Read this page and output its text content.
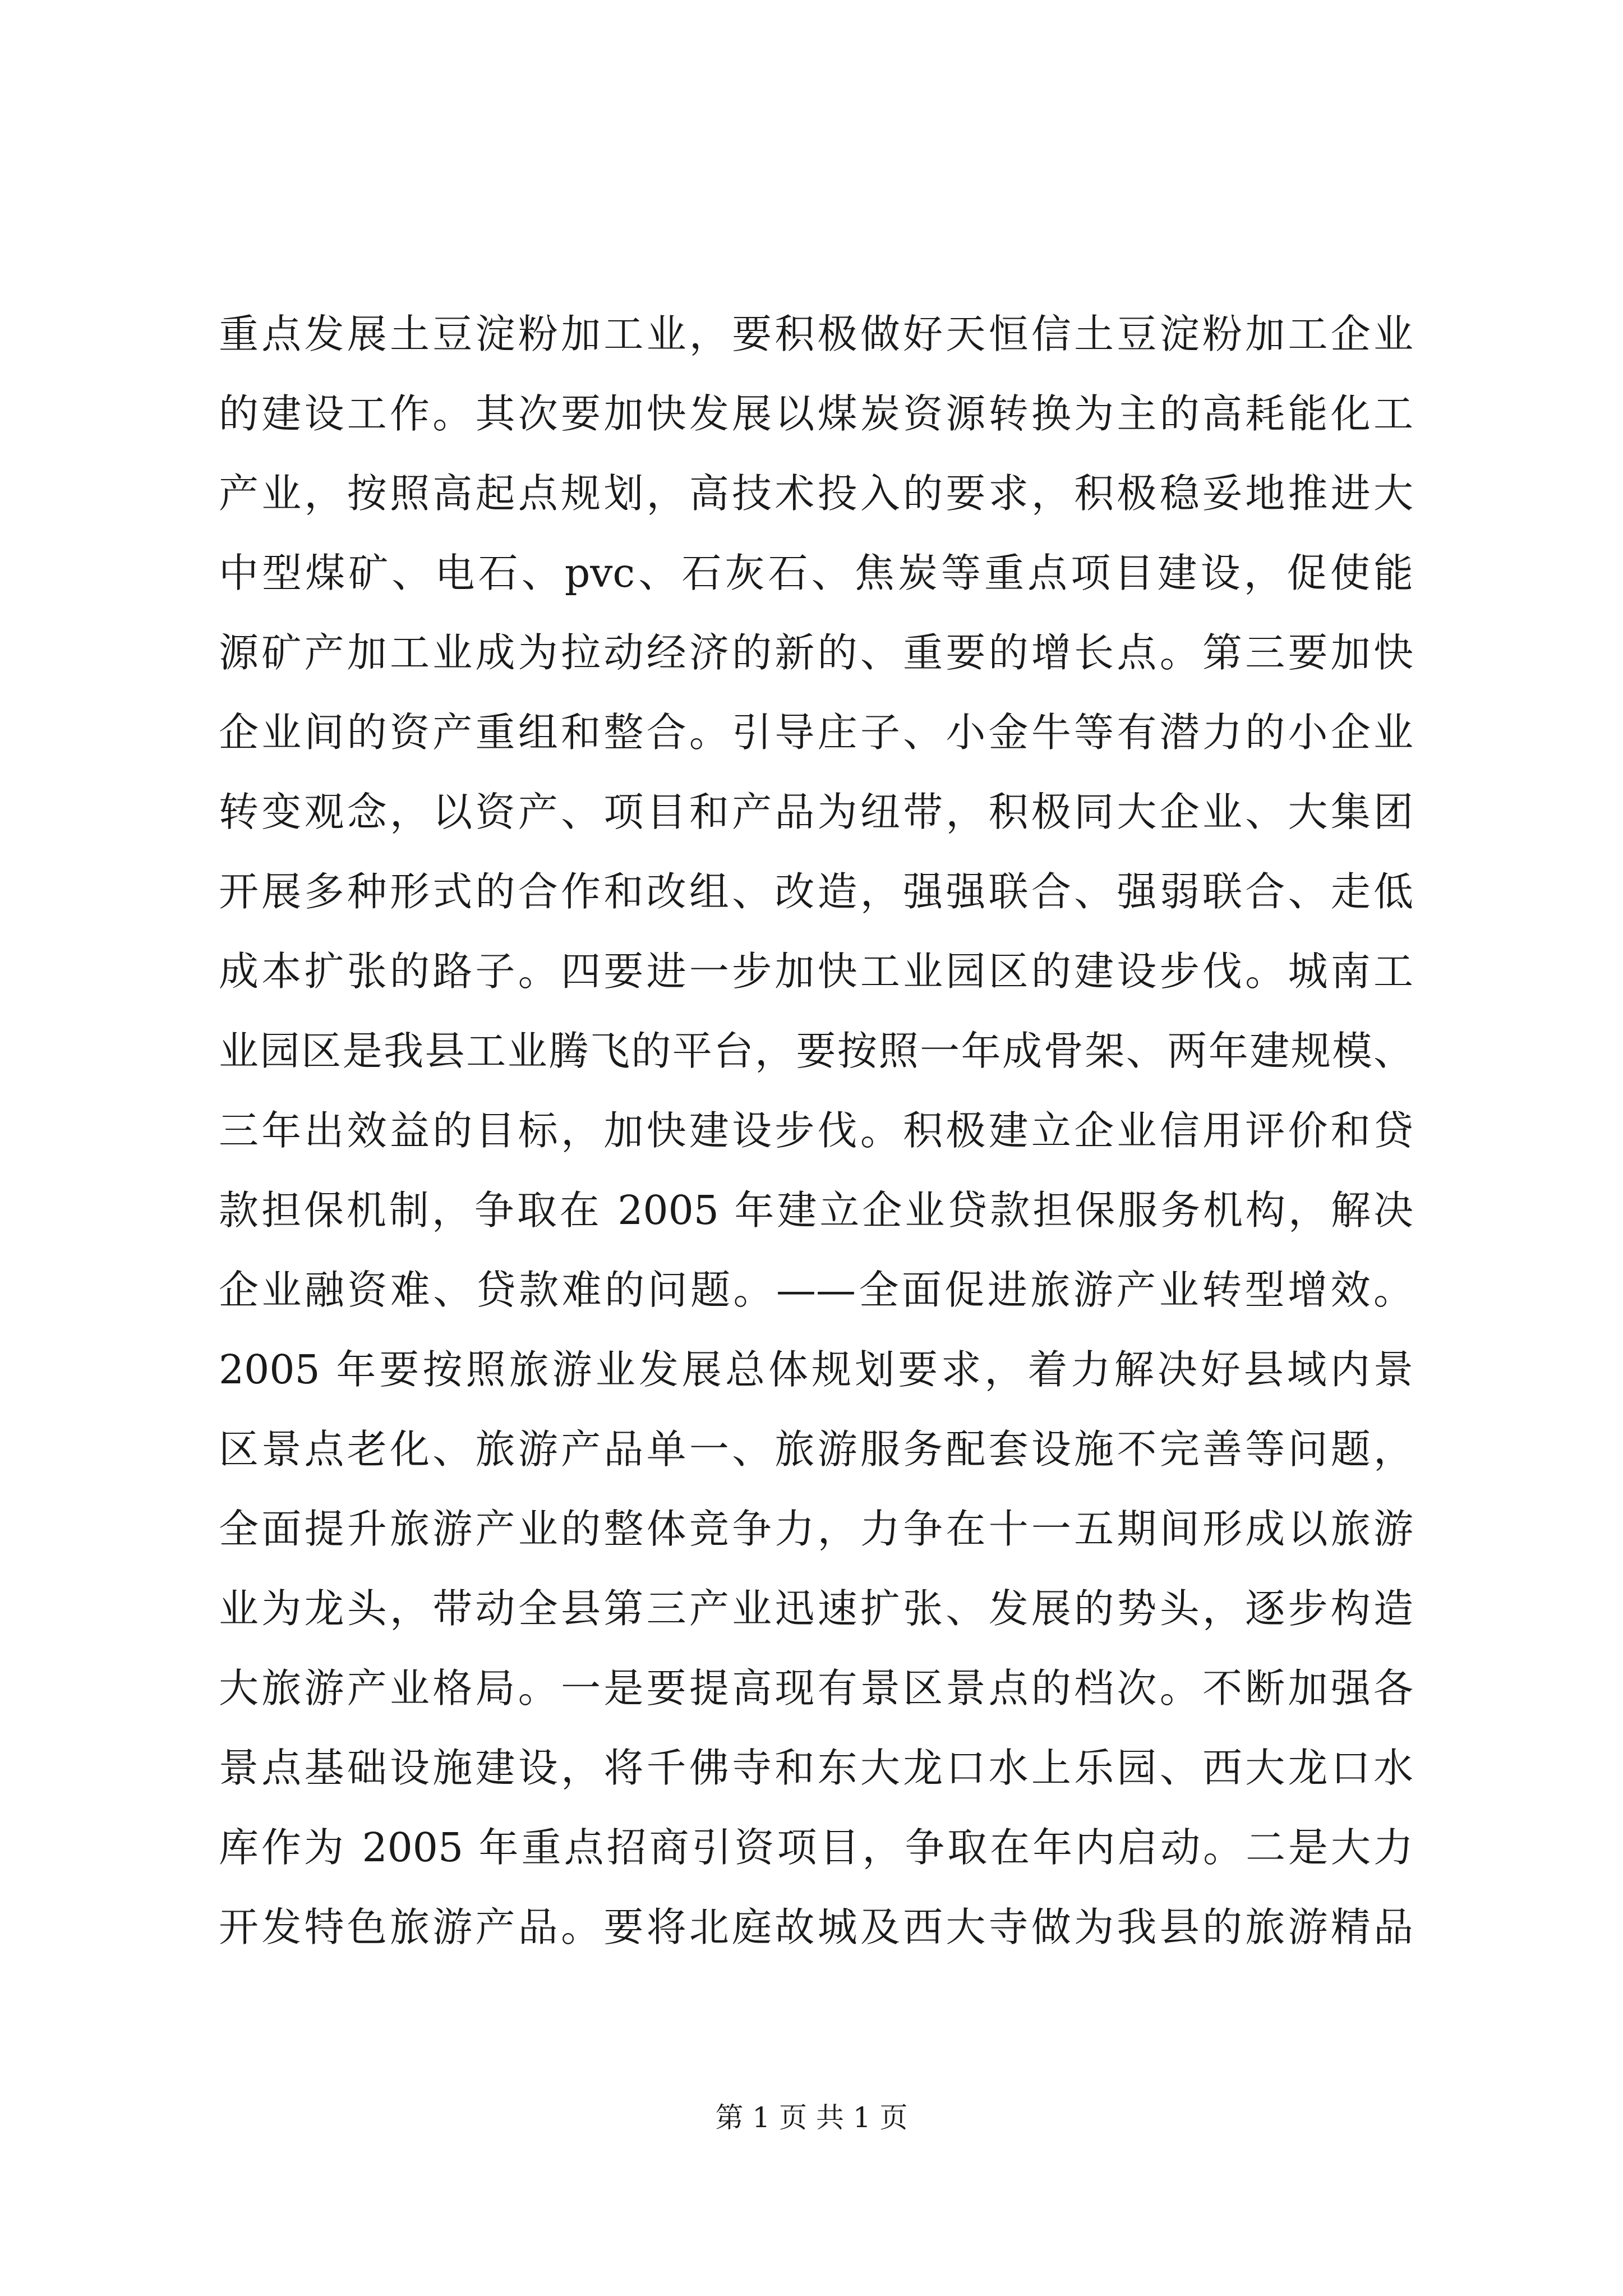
重点发展土豆淀粉加工业，要积极做好天恒信土豆淀粉加工企业
的建设工作。其次要加快发展以煤炭资源转换为主的高耗能化工
产业，按照高起点规划，高技术投入的要求，积极稳妥地推进大
中型煤矿、电石、pvc、石灰石、焦炭等重点项目建设，促使能
源矿产加工业成为拉动经济的新的、重要的增长点。第三要加快
企业间的资产重组和整合。引导庄子、小金牛等有潜力的小企业
转变观念，以资产、项目和产品为纽带，积极同大企业、大集团
开展多种形式的合作和改组、改造，强强联合、强弱联合、走低
成本扩张的路子。四要进一步加快工业园区的建设步伐。城南工
业园区是我县工业腾飞的平台，要按照一年成骨架、两年建规模、
三年出效益的目标，加快建设步伐。积极建立企业信用评价和贷
款担保机制，争取在 2005 年建立企业贷款担保服务机构，解决
企业融资难、贷款难的问题。——全面促进旅游产业转型增效。
2005 年要按照旅游业发展总体规划要求，着力解决好县域内景
区景点老化、旅游产品单一、旅游服务配套设施不完善等问题，
全面提升旅游产业的整体竞争力，力争在十一五期间形成以旅游
业为龙头，带动全县第三产业迅速扩张、发展的势头，逐步构造
大旅游产业格局。一是要提高现有景区景点的档次。不断加强各
景点基础设施建设，将千佛寺和东大龙口水上乐园、西大龙口水
库作为 2005 年重点招商引资项目，争取在年内启动。二是大力
开发特色旅游产品。要将北庭故城及西大寺做为我县的旅游精品
第 1 页 共 1 页
